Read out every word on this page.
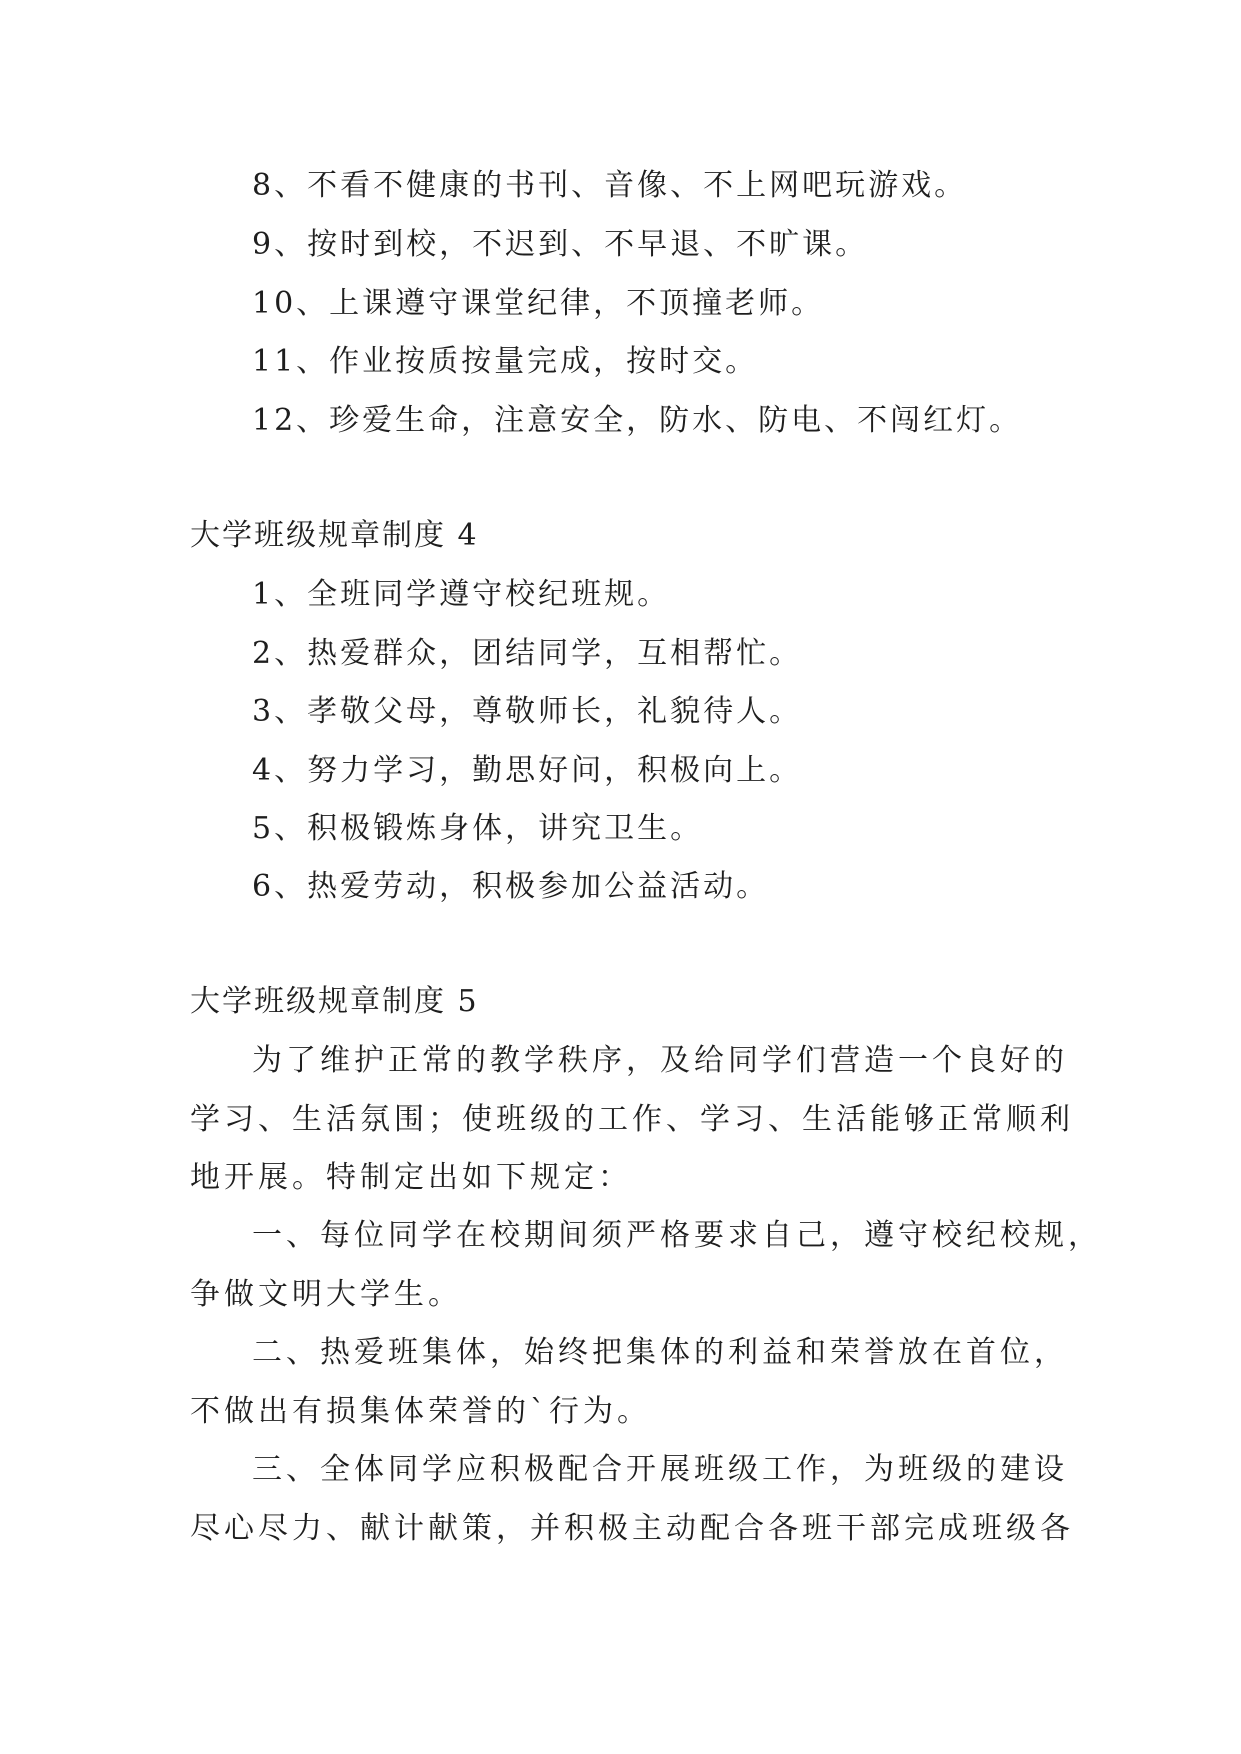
8、不看不健康的书刊、音像、不上网吧玩游戏。
9、按时到校，不迟到、不早退、不旷课。
10、上课遵守课堂纪律，不顶撞老师。
11、作业按质按量完成，按时交。
12、珍爱生命，注意安全，防水、防电、不闯红灯。
大学班级规章制度 4
1、全班同学遵守校纪班规。
2、热爱群众，团结同学，互相帮忙。
3、孝敬父母，尊敬师长，礼貌待人。
4、努力学习，勤思好问，积极向上。
5、积极锻炼身体，讲究卫生。
6、热爱劳动，积极参加公益活动。
大学班级规章制度 5
为了维护正常的教学秩序，及给同学们营造一个良好的
学习、生活氛围；使班级的工作、学习、生活能够正常顺利
地开展。特制定出如下规定：
一、每位同学在校期间须严格要求自己，遵守校纪校规，
争做文明大学生。
二、热爱班集体，始终把集体的利益和荣誉放在首位，
不做出有损集体荣誉的`行为。
三、全体同学应积极配合开展班级工作，为班级的建设
尽心尽力、献计献策，并积极主动配合各班干部完成班级各
